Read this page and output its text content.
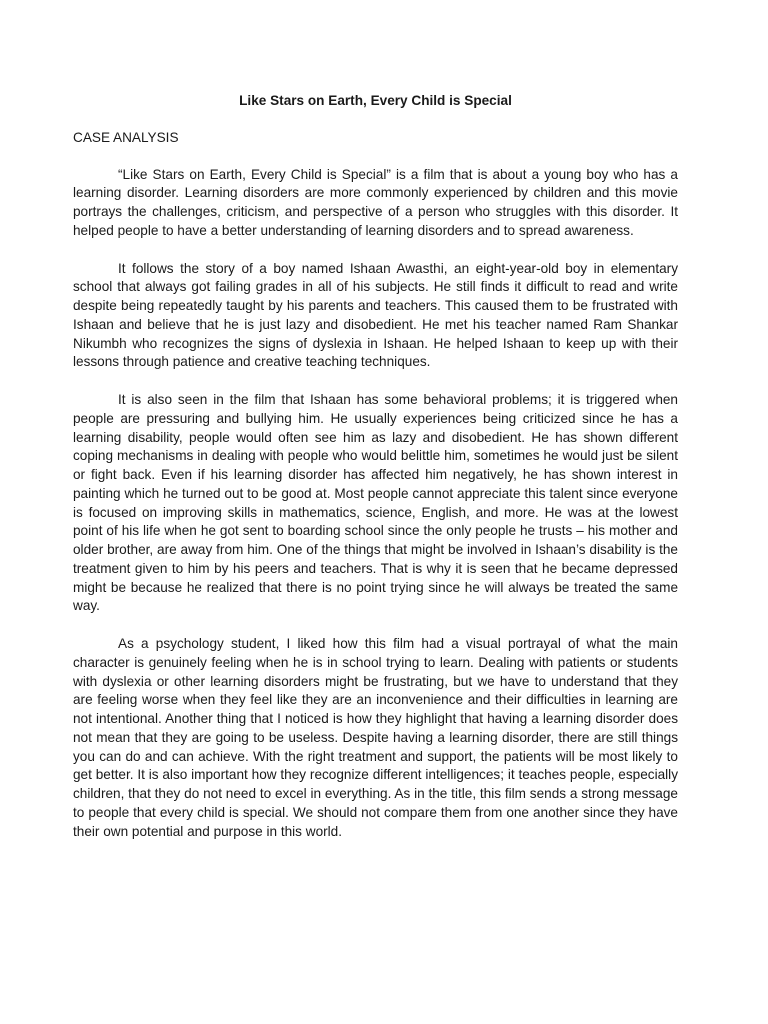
Like Stars on Earth, Every Child is Special
CASE ANALYSIS

“Like Stars on Earth, Every Child is Special” is a film that is about a young boy who has a learning disorder. Learning disorders are more commonly experienced by children and this movie portrays the challenges, criticism, and perspective of a person who struggles with this disorder. It helped people to have a better understanding of learning disorders and to spread awareness.

It follows the story of a boy named Ishaan Awasthi, an eight-year-old boy in elementary school that always got failing grades in all of his subjects. He still finds it difficult to read and write despite being repeatedly taught by his parents and teachers. This caused them to be frustrated with Ishaan and believe that he is just lazy and disobedient. He met his teacher named Ram Shankar Nikumbh who recognizes the signs of dyslexia in Ishaan. He helped Ishaan to keep up with their lessons through patience and creative teaching techniques.

It is also seen in the film that Ishaan has some behavioral problems; it is triggered when people are pressuring and bullying him. He usually experiences being criticized since he has a learning disability, people would often see him as lazy and disobedient. He has shown different coping mechanisms in dealing with people who would belittle him, sometimes he would just be silent or fight back. Even if his learning disorder has affected him negatively, he has shown interest in painting which he turned out to be good at. Most people cannot appreciate this talent since everyone is focused on improving skills in mathematics, science, English, and more. He was at the lowest point of his life when he got sent to boarding school since the only people he trusts – his mother and older brother, are away from him. One of the things that might be involved in Ishaan’s disability is the treatment given to him by his peers and teachers. That is why it is seen that he became depressed might be because he realized that there is no point trying since he will always be treated the same way.

As a psychology student, I liked how this film had a visual portrayal of what the main character is genuinely feeling when he is in school trying to learn. Dealing with patients or students with dyslexia or other learning disorders might be frustrating, but we have to understand that they are feeling worse when they feel like they are an inconvenience and their difficulties in learning are not intentional. Another thing that I noticed is how they highlight that having a learning disorder does not mean that they are going to be useless. Despite having a learning disorder, there are still things you can do and can achieve. With the right treatment and support, the patients will be most likely to get better. It is also important how they recognize different intelligences; it teaches people, especially children, that they do not need to excel in everything. As in the title, this film sends a strong message to people that every child is special. We should not compare them from one another since they have their own potential and purpose in this world.
